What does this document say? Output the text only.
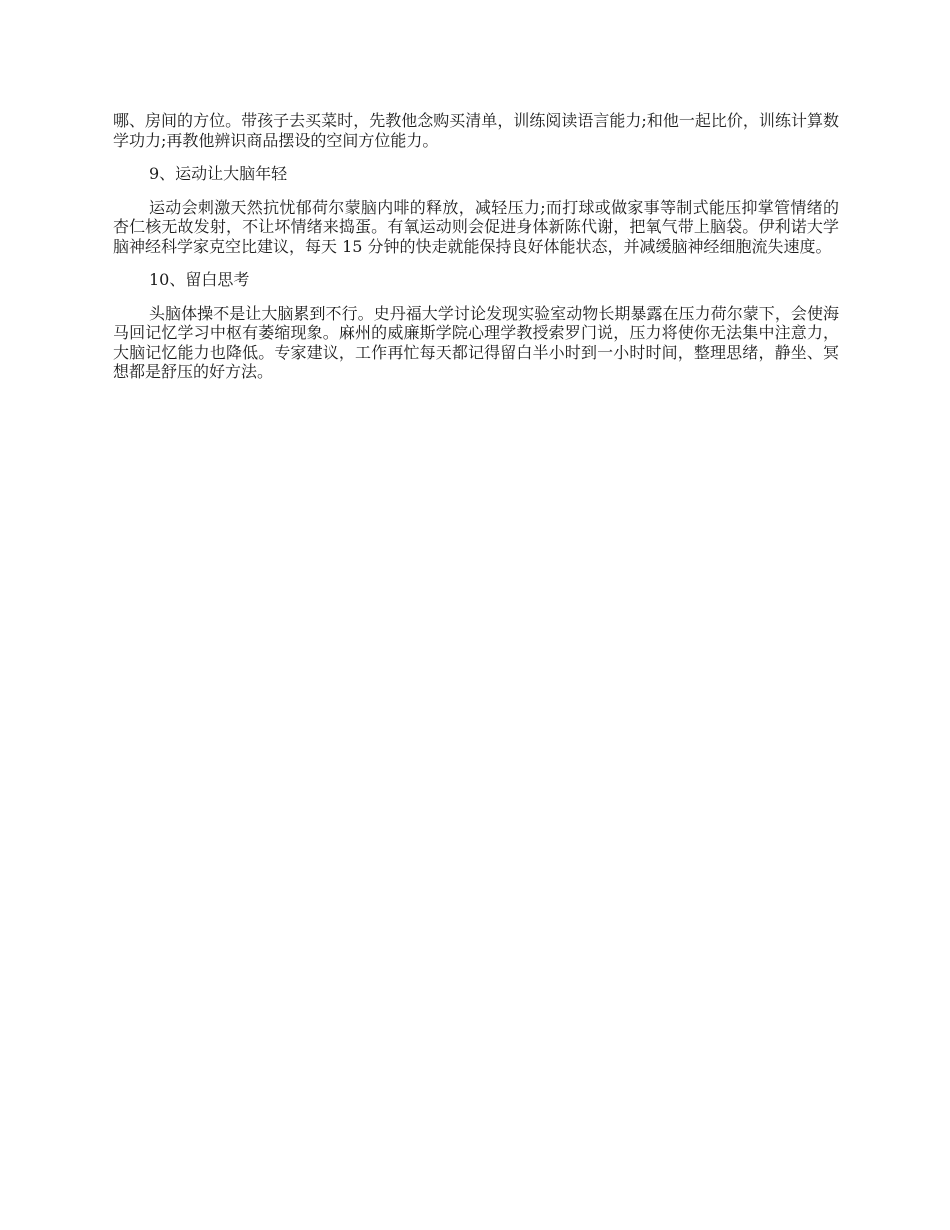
哪、房间的方位。带孩子去买菜时，先教他念购买清单，训练阅读语言能力;和他一起比价，训练计算数学功力;再教他辨识商品摆设的空间方位能力。

9、运动让大脑年轻

运动会刺激天然抗忧郁荷尔蒙脑内啡的释放，减轻压力;而打球或做家事等制式能压抑掌管情绪的杏仁核无故发射，不让坏情绪来捣蛋。有氧运动则会促进身体新陈代谢，把氧气带上脑袋。伊利诺大学脑神经科学家克空比建议，每天 15 分钟的快走就能保持良好体能状态，并减缓脑神经细胞流失速度。

10、留白思考

头脑体操不是让大脑累到不行。史丹福大学讨论发现实验室动物长期暴露在压力荷尔蒙下，会使海马回记忆学习中枢有萎缩现象。麻州的威廉斯学院心理学教授索罗门说，压力将使你无法集中注意力，大脑记忆能力也降低。专家建议，工作再忙每天都记得留白半小时到一小时时间，整理思绪，静坐、冥想都是舒压的好方法。
